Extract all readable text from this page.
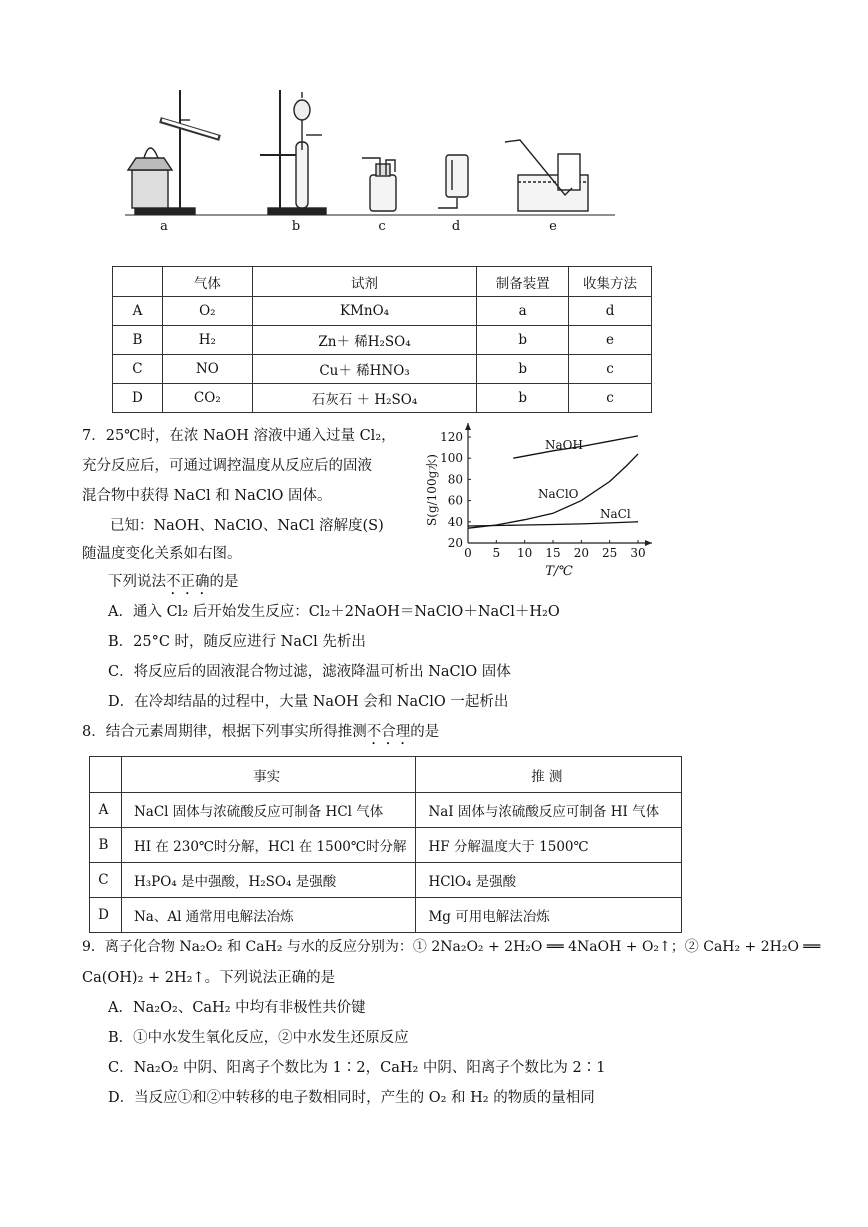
a	b	c	d	e
	气体	试剂	制备装置	收集方法
A	O₂	KMnO₄	a	d
B	H₂	Zn＋ 稀H₂SO₄	b	e
C	NO	Cu＋ 稀HNO₃	b	c
D	CO₂	石灰石 ＋ H₂SO₄	b	c
7．25℃时，在浓 NaOH 溶液中通入过量 Cl₂，
充分反应后，可通过调控温度从反应后的固液
混合物中获得 NaCl 和 NaClO 固体。
已知：NaOH、NaClO、NaCl 溶解度(S)
随温度变化关系如右图。
下列说法不正确的是
A．通入 Cl₂ 后开始发生反应：Cl₂＋2NaOH＝NaClO＋NaCl＋H₂O
B．25°C 时，随反应进行 NaCl 先析出
C．将反应后的固液混合物过滤，滤液降温可析出 NaClO 固体
D．在冷却结晶的过程中，大量 NaOH 会和 NaClO 一起析出
0 5 10 15 20 25 30
20
40
60
80
100
120
T/℃
S(g/100g水)
NaOH
NaClO
NaCl
8．结合元素周期律，根据下列事实所得推测不合理的是
	事实	推 测
A	NaCl 固体与浓硫酸反应可制备 HCl 气体	NaI 固体与浓硫酸反应可制备 HI 气体
B	HI 在 230℃时分解，HCl 在 1500℃时分解	HF 分解温度大于 1500℃
C	H₃PO₄ 是中强酸，H₂SO₄ 是强酸	HClO₄ 是强酸
D	Na、Al 通常用电解法冶炼	Mg 可用电解法冶炼
9．离子化合物 Na₂O₂ 和 CaH₂ 与水的反应分别为：① 2Na₂O₂ + 2H₂O ══ 4NaOH + O₂↑；② CaH₂ + 2H₂O ══
Ca(OH)₂ + 2H₂↑。下列说法正确的是
A．Na₂O₂、CaH₂ 中均有非极性共价键
B．①中水发生氧化反应，②中水发生还原反应
C．Na₂O₂ 中阴、阳离子个数比为 1∶2，CaH₂ 中阴、阳离子个数比为 2∶1
D．当反应①和②中转移的电子数相同时，产生的 O₂ 和 H₂ 的物质的量相同
